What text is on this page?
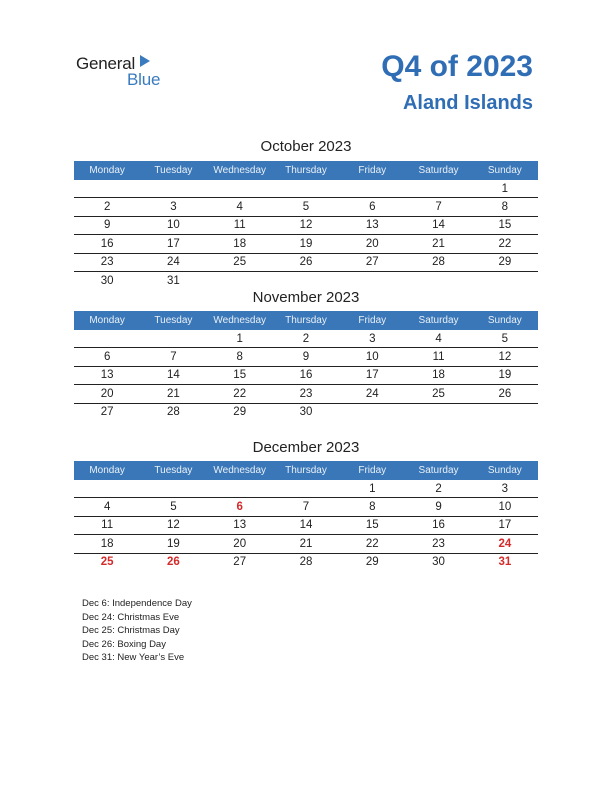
General
Blue	Q4 of 2023
Aland Islands
October 2023
Monday	Tuesday	Wednesday	Thursday	Friday	Saturday	Sunday
						1
2	3	4	5	6	7	8
9	10	11	12	13	14	15
16	17	18	19	20	21	22
23	24	25	26	27	28	29
30	31					
November 2023
Monday	Tuesday	Wednesday	Thursday	Friday	Saturday	Sunday
		1	2	3	4	5
6	7	8	9	10	11	12
13	14	15	16	17	18	19
20	21	22	23	24	25	26
27	28	29	30			
December 2023
Monday	Tuesday	Wednesday	Thursday	Friday	Saturday	Sunday
				1	2	3
4	5	6	7	8	9	10
11	12	13	14	15	16	17
18	19	20	21	22	23	24
25	26	27	28	29	30	31
Dec 6: Independence Day
Dec 24: Christmas Eve
Dec 25: Christmas Day
Dec 26: Boxing Day
Dec 31: New Year’s Eve
